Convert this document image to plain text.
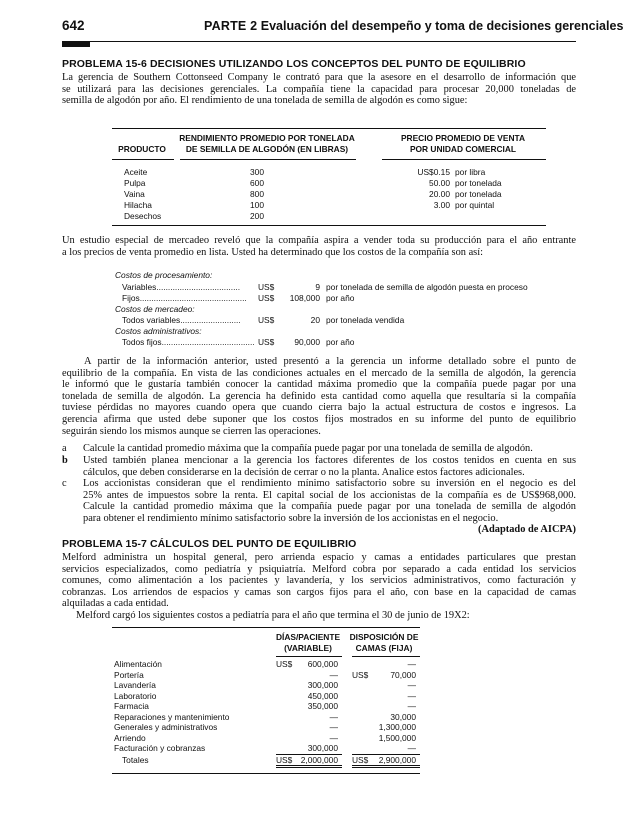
642	PARTE 2 Evaluación del desempeño y toma de decisiones gerenciales
PROBLEMA 15-6 DECISIONES UTILIZANDO LOS CONCEPTOS DEL PUNTO DE EQUILIBRIO
La gerencia de Southern Cottonseed Company le contrató para que la asesore en el desarrollo de información que
se utilizará para las decisiones gerenciales. La compañía tiene la capacidad para procesar 20,000 toneladas de
semilla de algodón por año. El rendimiento de una tonelada de semilla de algodón es como sigue:
PRODUCTO
RENDIMIENTO PROMEDIO POR TONELADA
DE SEMILLA DE ALGODÓN (EN LIBRAS)
PRECIO PROMEDIO DE VENTA
POR UNIDAD COMERCIAL
Aceite	300	US$0.15 por libra
Pulpa	600	50.00 por tonelada
Vaina	800	20.00 por tonelada
Hilacha	100	3.00 por quintal
Desechos	200
Un estudio especial de mercadeo reveló que la compañía aspira a vender toda su producción para el año entrante
a los precios de venta promedio en lista. Usted ha determinado que los costos de la compañía son así:
Costos de procesamiento:
Variables.................................... US$	9 por tonelada de semilla de algodón puesta en proceso
Fijos.............................................. US$	108,000 por año
Costos de mercadeo:
Todos variables.......................... US$	20 por tonelada vendida
Costos administrativos:
Todos fijos........................................ US$	90,000 por año
A partir de la información anterior, usted presentó a la gerencia un informe detallado sobre el punto de
equilibrio de la compañía. En vista de las condiciones actuales en el mercado de la semilla de algodón, la gerencia
le informó que le gustaría también conocer la cantidad máxima promedio que la compañía puede pagar por una
tonelada de semilla de algodón. La gerencia ha definido esta cantidad como aquella que resultaría si la compañía
tuviese pérdidas no mayores cuando opera que cuando cierra bajo la actual estructura de costos e ingresos. La
gerencia afirma que usted debe suponer que los costos fijos mostrados en su informe del punto de equilibrio
seguirán siendo los mismos aunque se cierren las operaciones.
a Calcule la cantidad promedio máxima que la compañía puede pagar por una tonelada de semilla de algodón.
b Usted también planea mencionar a la gerencia los factores diferentes de los costos tenidos en cuenta en sus
cálculos, que deben considerarse en la decisión de cerrar o no la planta. Analice estos factores adicionales.
c Los accionistas consideran que el rendimiento mínimo satisfactorio sobre su inversión en el negocio es del
25% antes de impuestos sobre la renta. El capital social de los accionistas de la compañía es de US$968,000.
Calcule la cantidad promedio máxima que la compañía puede pagar por una tonelada de semilla de algodón
para obtener el rendimiento mínimo satisfactorio sobre la inversión de los accionistas en el negocio.
(Adaptado de AICPA)
PROBLEMA 15-7 CÁLCULOS DEL PUNTO DE EQUILIBRIO
Melford administra un hospital general, pero arrienda espacio y camas a entidades particulares que prestan
servicios especializados, como pediatría y psiquiatría. Melford cobra por separado a cada entidad los servicios
comunes, como alimentación a los pacientes y lavandería, y los servicios administrativos, como facturación y
cobranzas. Los arriendos de espacios y camas son cargos fijos para el año, con base en la capacidad de camas
alquiladas a cada entidad.
Melford cargó los siguientes costos a pediatría para el año que termina el 30 de junio de 19X2:
DÍAS/PACIENTE
(VARIABLE)
DISPOSICIÓN DE
CAMAS (FIJA)
Alimentación	US$	600,000	—
Portería	— US$	70,000
Lavandería	300,000	—
Laboratorio	450,000	—
Farmacia	350,000	—
Reparaciones y mantenimiento	—	30,000
Generales y administrativos	—	1,300,000
Arriendo	—	1,500,000
Facturación y cobranzas	300,000	—
Totales	US$ 2,000,000 US$ 2,900,000
